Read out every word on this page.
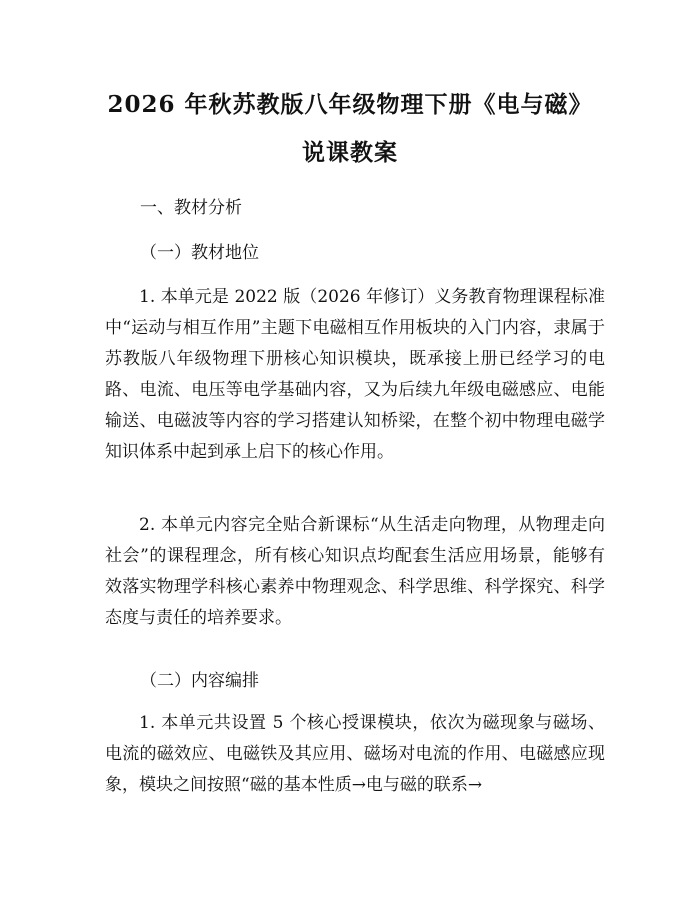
2026 年秋苏教版八年级物理下册《电与磁》
说课教案
一、教材分析
（一）教材地位
1. 本单元是 2022 版（2026 年修订）义务教育物理课程标准中“运动与相互作用”主题下电磁相互作用板块的入门内容，隶属于苏教版八年级物理下册核心知识模块，既承接上册已经学习的电路、电流、电压等电学基础内容，又为后续九年级电磁感应、电能输送、电磁波等内容的学习搭建认知桥梁，在整个初中物理电磁学知识体系中起到承上启下的核心作用。
2. 本单元内容完全贴合新课标“从生活走向物理，从物理走向社会”的课程理念，所有核心知识点均配套生活应用场景，能够有效落实物理学科核心素养中物理观念、科学思维、科学探究、科学态度与责任的培养要求。
（二）内容编排
1. 本单元共设置 5 个核心授课模块，依次为磁现象与磁场、电流的磁效应、电磁铁及其应用、磁场对电流的作用、电磁感应现象，模块之间按照“磁的基本性质→电与磁的联系→
